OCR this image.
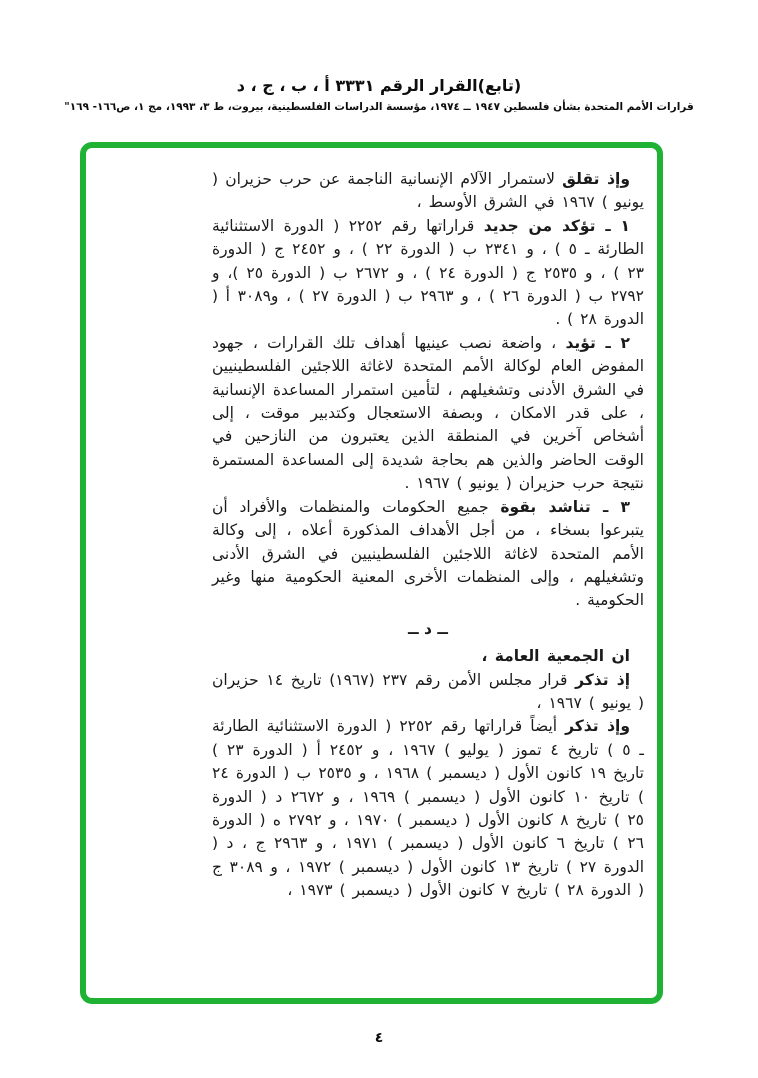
(تابع)القرار الرقم ٣٣٣١ أ ، ب ، ج ، د
قرارات الأمم المتحدة بشأن فلسطين ١٩٤٧ ــ ١٩٧٤، مؤسسة الدراسات الفلسطينية، بيروت، ط ٣، ١٩٩٣، مج ١، ص١٦٦- ١٦٩"

وإذ تقلق لاستمرار الآلام الإنسانية الناجمة عن حرب حزيران ( يونيو ) ١٩٦٧ في الشرق الأوسط ،

١ ـ تؤكد من جديد قراراتها رقم ٢٢٥٢ ( الدورة الاستثنائية الطارئة ـ ٥ ) ، و ٢٣٤١ ب ( الدورة ٢٢ ) ، و ٢٤٥٢ ج ( الدورة ٢٣ ) ، و ٢٥٣٥ ج ( الدورة ٢٤ ) ، و ٢٦٧٢ ب ( الدورة ٢٥ )، و ٢٧٩٢ ب ( الدورة ٢٦ ) ، و ٢٩٦٣ ب ( الدورة ٢٧ ) ، و٣٠٨٩ أ ( الدورة ٢٨ ) .

٢ ـ تؤيد ، واضعة نصب عينيها أهداف تلك القرارات ، جهود المفوض العام لوكالة الأمم المتحدة لاغاثة اللاجئين الفلسطينيين في الشرق الأدنى وتشغيلهم ، لتأمين استمرار المساعدة الإنسانية ، على قدر الامكان ، وبصفة الاستعجال وكتدبير موقت ، إلى أشخاص آخرين في المنطقة الذين يعتبرون من النازحين في الوقت الحاضر والذين هم بحاجة شديدة إلى المساعدة المستمرة نتيجة حرب حزيران ( يونيو ) ١٩٦٧ .

٣ ـ تناشد بقوة جميع الحكومات والمنظمات والأفراد أن يتبرعوا بسخاء ، من أجل الأهداف المذكورة أعلاه ، إلى وكالة الأمم المتحدة لاغاثة اللاجئين الفلسطينيين في الشرق الأدنى وتشغيلهم ، وإلى المنظمات الأخرى المعنية الحكومية منها وغير الحكومية .

ــ د ــ

ان الجمعية العامة ،

إذ تذكر قرار مجلس الأمن رقم ٢٣٧ (١٩٦٧) تاريخ ١٤ حزيران ( يونيو ) ١٩٦٧ ،

وإذ تذكر أيضاً قراراتها رقم ٢٢٥٢ ( الدورة الاستثنائية الطارئة ـ ٥ ) تاريخ ٤ تموز ( يوليو ) ١٩٦٧ ، و ٢٤٥٢ أ ( الدورة ٢٣ ) تاريخ ١٩ كانون الأول ( ديسمبر ) ١٩٦٨ ، و ٢٥٣٥ ب ( الدورة ٢٤ ) تاريخ ١٠ كانون الأول ( ديسمبر ) ١٩٦٩ ، و ٢٦٧٢ د ( الدورة ٢٥ ) تاريخ ٨ كانون الأول ( ديسمبر ) ١٩٧٠ ، و ٢٧٩٢ ه ( الدورة ٢٦ ) تاريخ ٦ كانون الأول ( ديسمبر ) ١٩٧١ ، و ٢٩٦٣ ج ، د ( الدورة ٢٧ ) تاريخ ١٣ كانون الأول ( ديسمبر ) ١٩٧٢ ، و ٣٠٨٩ ج ( الدورة ٢٨ ) تاريخ ٧ كانون الأول ( ديسمبر ) ١٩٧٣ ،

٤
